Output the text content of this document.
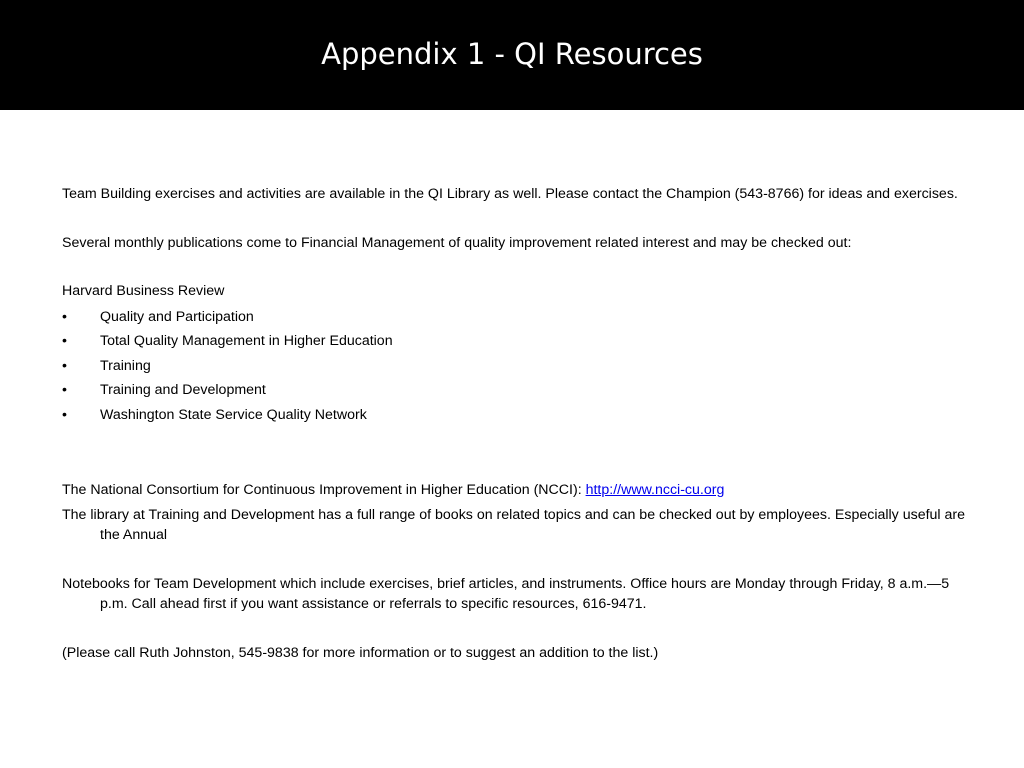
Appendix 1 - QI Resources

Team Building exercises and activities are available in the QI Library as well. Please contact the Champion (543-8766) for ideas and exercises.

Several monthly publications come to Financial Management of quality improvement related interest and may be checked out:

Harvard Business Review

•	Quality and Participation
•	Total Quality Management in Higher Education
•	Training
•	Training and Development
•	Washington State Service Quality Network

The National Consortium for Continuous Improvement in Higher Education (NCCI): http://www.ncci-cu.org

The library at Training and Development has a full range of books on related topics and can be checked out by employees. Especially useful are the Annual

Notebooks for Team Development which include exercises, brief articles, and instruments. Office hours are Monday through Friday, 8 a.m.—5 p.m. Call ahead first if you want assistance or referrals to specific resources, 616-9471.

(Please call Ruth Johnston, 545-9838 for more information or to suggest an addition to the list.)
